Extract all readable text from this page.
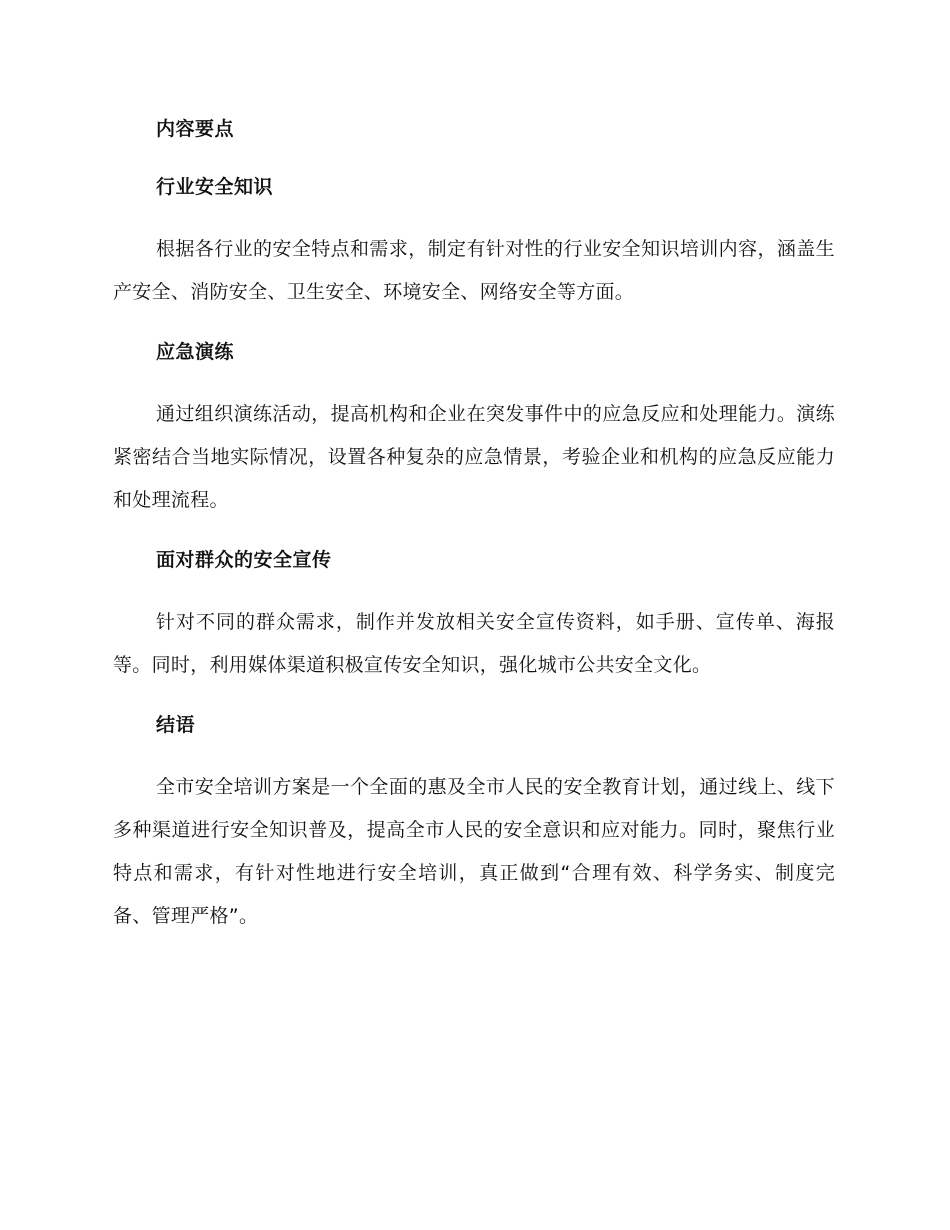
内容要点
行业安全知识
根据各行业的安全特点和需求，制定有针对性的行业安全知识培训内容，涵盖生产安全、消防安全、卫生安全、环境安全、网络安全等方面。
应急演练
通过组织演练活动，提高机构和企业在突发事件中的应急反应和处理能力。演练紧密结合当地实际情况，设置各种复杂的应急情景，考验企业和机构的应急反应能力和处理流程。
面对群众的安全宣传
针对不同的群众需求，制作并发放相关安全宣传资料，如手册、宣传单、海报等。同时，利用媒体渠道积极宣传安全知识，强化城市公共安全文化。
结语
全市安全培训方案是一个全面的惠及全市人民的安全教育计划，通过线上、线下多种渠道进行安全知识普及，提高全市人民的安全意识和应对能力。同时，聚焦行业特点和需求，有针对性地进行安全培训，真正做到“合理有效、科学务实、制度完备、管理严格”。
